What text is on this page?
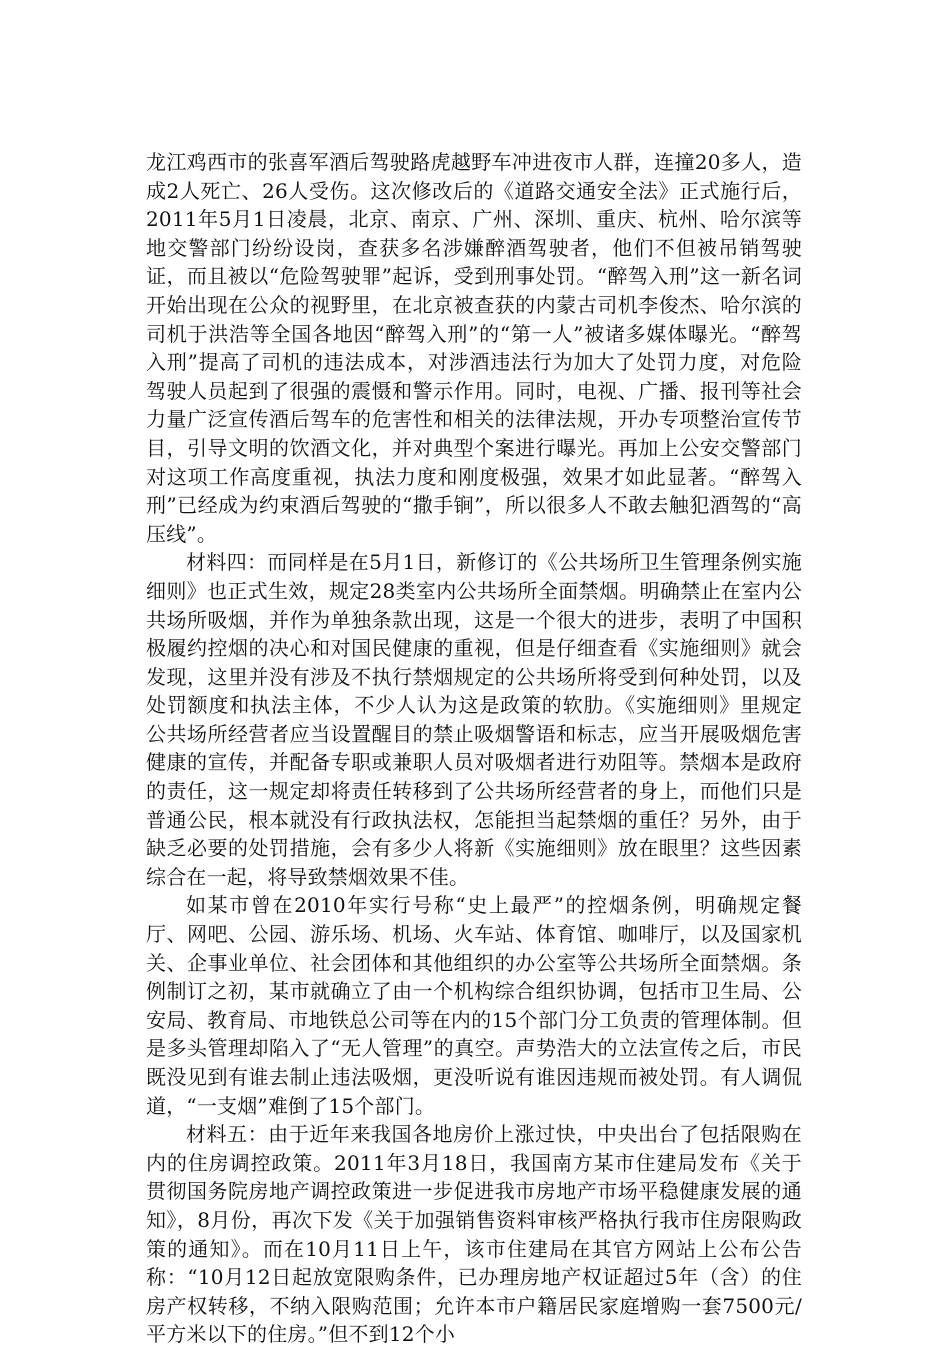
龙江鸡西市的张喜军酒后驾驶路虎越野车冲进夜市人群，连撞20多人，造成2人死亡、26人受伤。这次修改后的《道路交通安全法》正式施行后，2011年5月1日凌晨，北京、南京、广州、深圳、重庆、杭州、哈尔滨等地交警部门纷纷设岗，查获多名涉嫌醉酒驾驶者，他们不但被吊销驾驶证，而且被以“危险驾驶罪”起诉，受到刑事处罚。“醉驾入刑”这一新名词开始出现在公众的视野里，在北京被查获的内蒙古司机李俊杰、哈尔滨的司机于洪浩等全国各地因“醉驾入刑”的“第一人”被诸多媒体曝光。“醉驾入刑”提高了司机的违法成本，对涉酒违法行为加大了处罚力度，对危险驾驶人员起到了很强的震慑和警示作用。同时，电视、广播、报刊等社会力量广泛宣传酒后驾车的危害性和相关的法律法规，开办专项整治宣传节目，引导文明的饮酒文化，并对典型个案进行曝光。再加上公安交警部门对这项工作高度重视，执法力度和刚度极强，效果才如此显著。“醉驾入刑”已经成为约束酒后驾驶的“撒手锏”，所以很多人不敢去触犯酒驾的“高压线”。

材料四：而同样是在5月1日，新修订的《公共场所卫生管理条例实施细则》也正式生效，规定28类室内公共场所全面禁烟。明确禁止在室内公共场所吸烟，并作为单独条款出现，这是一个很大的进步，表明了中国积极履约控烟的决心和对国民健康的重视，但是仔细查看《实施细则》就会发现，这里并没有涉及不执行禁烟规定的公共场所将受到何种处罚，以及处罚额度和执法主体，不少人认为这是政策的软肋。《实施细则》里规定公共场所经营者应当设置醒目的禁止吸烟警语和标志，应当开展吸烟危害健康的宣传，并配备专职或兼职人员对吸烟者进行劝阻等。禁烟本是政府的责任，这一规定却将责任转移到了公共场所经营者的身上，而他们只是普通公民，根本就没有行政执法权，怎能担当起禁烟的重任？另外，由于缺乏必要的处罚措施，会有多少人将新《实施细则》放在眼里？这些因素综合在一起，将导致禁烟效果不佳。

如某市曾在2010年实行号称“史上最严”的控烟条例，明确规定餐厅、网吧、公园、游乐场、机场、火车站、体育馆、咖啡厅，以及国家机关、企事业单位、社会团体和其他组织的办公室等公共场所全面禁烟。条例制订之初，某市就确立了由一个机构综合组织协调，包括市卫生局、公安局、教育局、市地铁总公司等在内的15个部门分工负责的管理体制。但是多头管理却陷入了“无人管理”的真空。声势浩大的立法宣传之后，市民既没见到有谁去制止违法吸烟，更没听说有谁因违规而被处罚。有人调侃道，“一支烟”难倒了15个部门。

材料五：由于近年来我国各地房价上涨过快，中央出台了包括限购在内的住房调控政策。2011年3月18日，我国南方某市住建局发布《关于贯彻国务院房地产调控政策进一步促进我市房地产市场平稳健康发展的通知》，8月份，再次下发《关于加强销售资料审核严格执行我市住房限购政策的通知》。而在10月11日上午，该市住建局在其官方网站上公布公告称：“10月12日起放宽限购条件，已办理房地产权证超过5年（含）的住房产权转移，不纳入限购范围；允许本市户籍居民家庭增购一套7500元/平方米以下的住房。”但不到12个小
